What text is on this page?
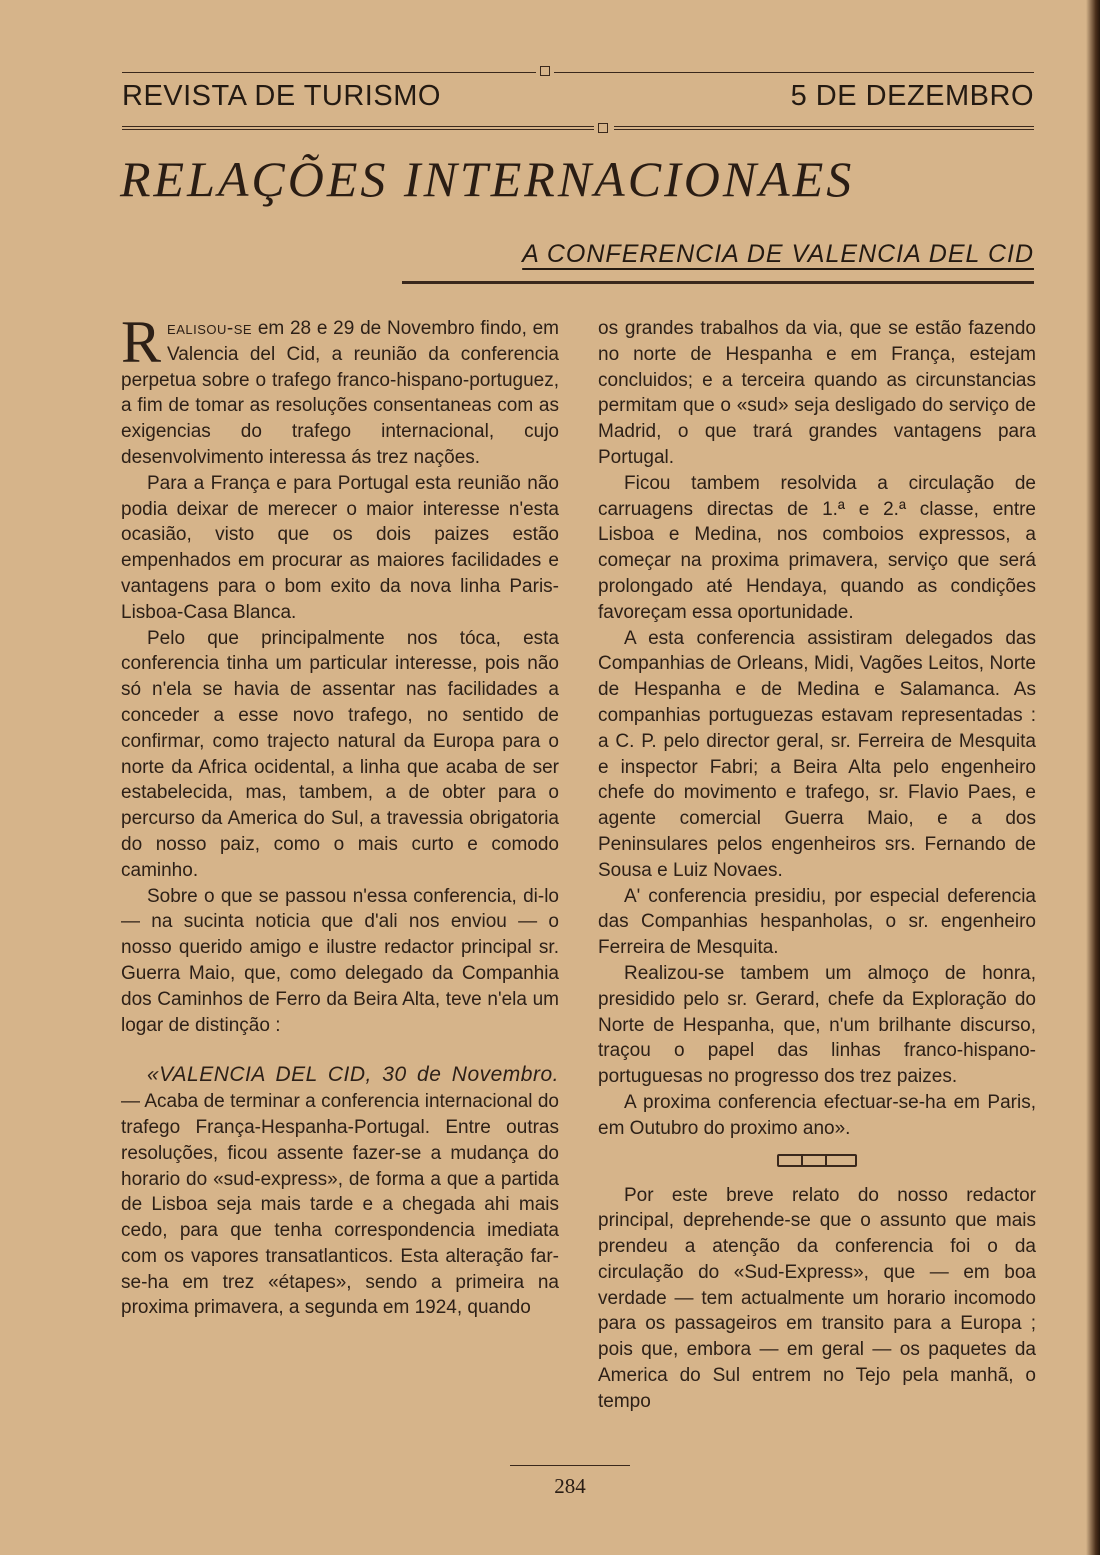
REVISTA DE TURISMO	5 DE DEZEMBRO
RELAÇÕES INTERNACIONAES
A CONFERENCIA DE VALENCIA DEL CID

Realisou-se em 28 e 29 de Novembro findo, em Valencia del Cid, a reunião da conferencia perpetua sobre o trafego franco-hispano-portuguez, a fim de tomar as resoluções consentaneas com as exigencias do trafego internacional, cujo desenvolvimento interessa ás trez nações.

Para a França e para Portugal esta reunião não podia deixar de merecer o maior interesse n'esta ocasião, visto que os dois paizes estão empenhados em procurar as maiores facilidades e vantagens para o bom exito da nova linha Paris-Lisboa-Casa Blanca.

Pelo que principalmente nos tóca, esta conferencia tinha um particular interesse, pois não só n'ela se havia de assentar nas facilidades a conceder a esse novo trafego, no sentido de confirmar, como trajecto natural da Europa para o norte da Africa ocidental, a linha que acaba de ser estabelecida, mas, tambem, a de obter para o percurso da America do Sul, a travessia obrigatoria do nosso paiz, como o mais curto e comodo caminho.

Sobre o que se passou n'essa conferencia, di-lo — na sucinta noticia que d'ali nos enviou — o nosso querido amigo e ilustre redactor principal sr. Guerra Maio, que, como delegado da Companhia dos Caminhos de Ferro da Beira Alta, teve n'ela um logar de distinção :

«VALENCIA DEL CID, 30 de Novembro. — Acaba de terminar a conferencia internacional do trafego França-Hespanha-Portugal. Entre outras resoluções, ficou assente fazer-se a mudança do horario do «sud-express», de forma a que a partida de Lisboa seja mais tarde e a chegada ahi mais cedo, para que tenha correspondencia imediata com os vapores transatlanticos. Esta alteração far-se-ha em trez «étapes», sendo a primeira na proxima primavera, a segunda em 1924, quando

os grandes trabalhos da via, que se estão fazendo no norte de Hespanha e em França, estejam concluidos; e a terceira quando as circunstancias permitam que o «sud» seja desligado do serviço de Madrid, o que trará grandes vantagens para Portugal.

Ficou tambem resolvida a circulação de carruagens directas de 1.ª e 2.ª classe, entre Lisboa e Medina, nos comboios expressos, a começar na proxima primavera, serviço que será prolongado até Hendaya, quando as condições favoreçam essa oportunidade.

A esta conferencia assistiram delegados das Companhias de Orleans, Midi, Vagões Leitos, Norte de Hespanha e de Medina e Salamanca. As companhias portuguezas estavam representadas : a C. P. pelo director geral, sr. Ferreira de Mesquita e inspector Fabri; a Beira Alta pelo engenheiro chefe do movimento e trafego, sr. Flavio Paes, e agente comercial Guerra Maio, e a dos Peninsulares pelos engenheiros srs. Fernando de Sousa e Luiz Novaes.

A' conferencia presidiu, por especial deferencia das Companhias hespanholas, o sr. engenheiro Ferreira de Mesquita.

Realizou-se tambem um almoço de honra, presidido pelo sr. Gerard, chefe da Exploração do Norte de Hespanha, que, n'um brilhante discurso, traçou o papel das linhas franco-hispano-portuguesas no progresso dos trez paizes.

A proxima conferencia efectuar-se-ha em Paris, em Outubro do proximo ano».

Por este breve relato do nosso redactor principal, deprehende-se que o assunto que mais prendeu a atenção da conferencia foi o da circulação do «Sud-Express», que — em boa verdade — tem actualmente um horario incomodo para os passageiros em transito para a Europa ; pois que, embora — em geral — os paquetes da America do Sul entrem no Tejo pela manhã, o tempo

284
